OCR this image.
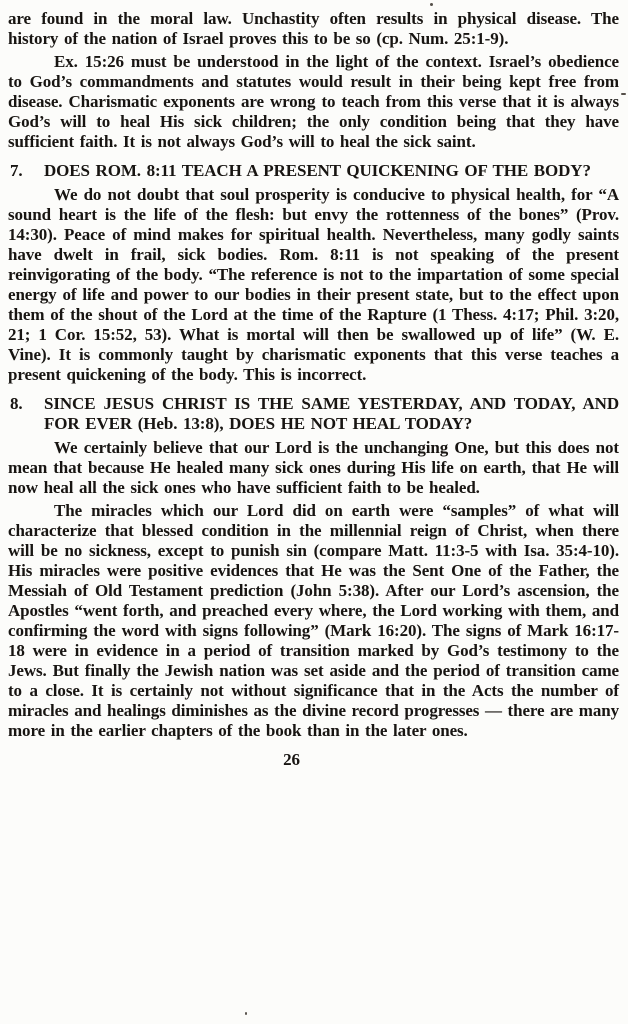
are found in the moral law. Unchastity often results in physical disease. The history of the nation of Israel proves this to be so (cp. Num. 25:1-9).

Ex. 15:26 must be understood in the light of the context. Israel’s obedience to God’s commandments and statutes would result in their being kept free from disease. Charismatic exponents are wrong to teach from this verse that it is always God’s will to heal His sick children; the only condition being that they have sufficient faith. It is not always God’s will to heal the sick saint.

7.	DOES ROM. 8:11 TEACH A PRESENT QUICKENING OF THE BODY?

We do not doubt that soul prosperity is conducive to physical health, for “A sound heart is the life of the flesh: but envy the rottenness of the bones” (Prov. 14:30). Peace of mind makes for spiritual health. Nevertheless, many godly saints have dwelt in frail, sick bodies. Rom. 8:11 is not speaking of the present reinvigorating of the body. “The reference is not to the impartation of some special energy of life and power to our bodies in their present state, but to the effect upon them of the shout of the Lord at the time of the Rapture (1 Thess. 4:17; Phil. 3:20, 21; 1 Cor. 15:52, 53). What is mortal will then be swallowed up of life” (W. E. Vine). It is commonly taught by charismatic exponents that this verse teaches a present quickening of the body. This is incorrect.

8.	SINCE JESUS CHRIST IS THE SAME YESTERDAY, AND TODAY, AND FOR EVER (Heb. 13:8), DOES HE NOT HEAL TODAY?

We certainly believe that our Lord is the unchanging One, but this does not mean that because He healed many sick ones during His life on earth, that He will now heal all the sick ones who have sufficient faith to be healed.

The miracles which our Lord did on earth were “samples” of what will characterize that blessed condition in the millennial reign of Christ, when there will be no sickness, except to punish sin (compare Matt. 11:3-5 with Isa. 35:4-10). His miracles were positive evidences that He was the Sent One of the Father, the Messiah of Old Testament prediction (John 5:38). After our Lord’s ascension, the Apostles “went forth, and preached every where, the Lord working with them, and confirming the word with signs following” (Mark 16:20). The signs of Mark 16:17-18 were in evidence in a period of transition marked by God’s testimony to the Jews. But finally the Jewish nation was set aside and the period of transition came to a close. It is certainly not without significance that in the Acts the number of miracles and healings diminishes as the divine record progresses — there are many more in the earlier chapters of the book than in the later ones.

26
